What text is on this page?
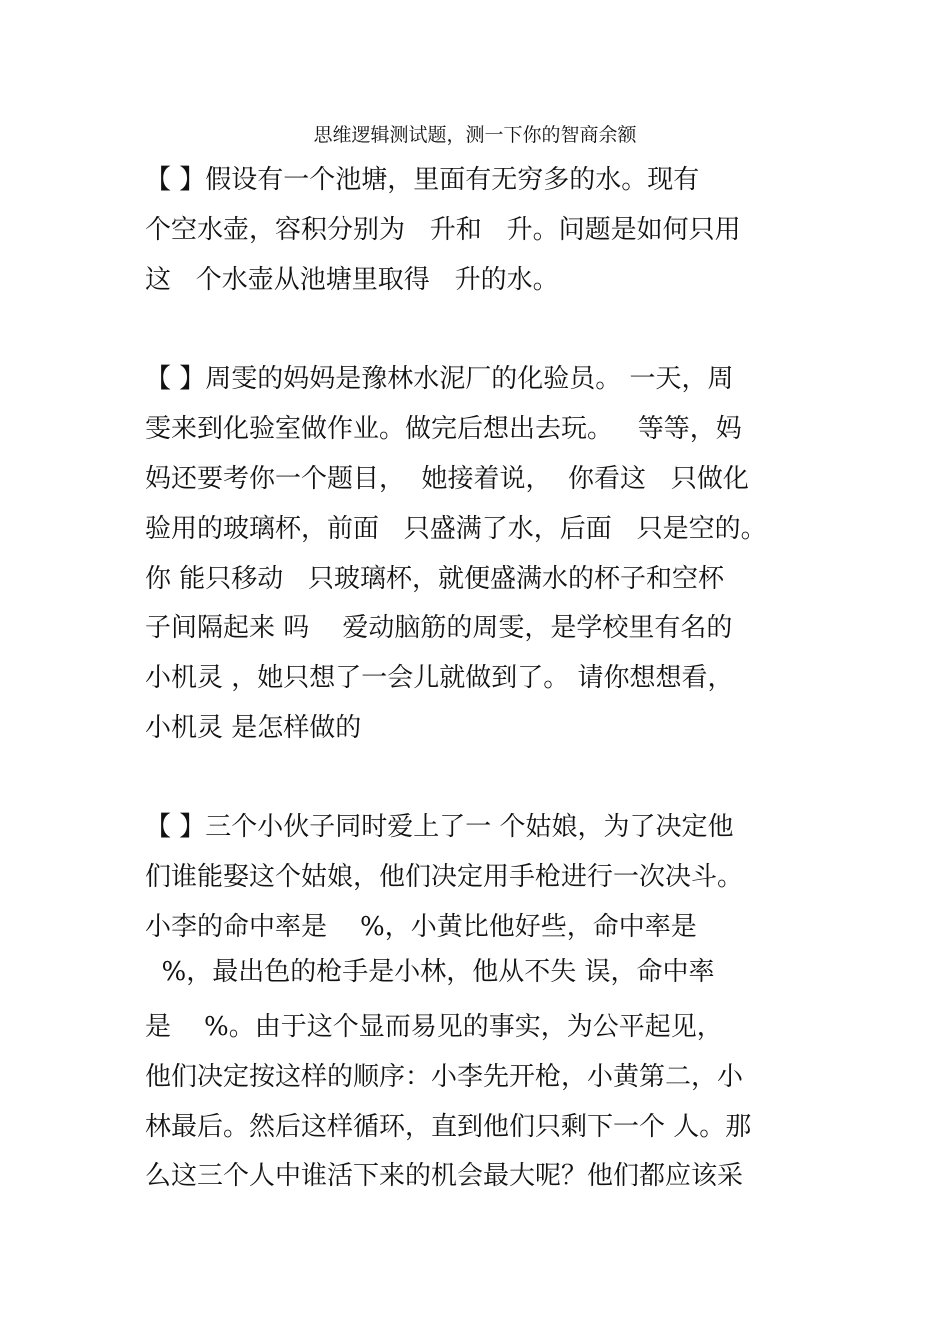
思维逻辑测试题，测一下你的智商余额
【 】假设有一个池塘，里面有无穷多的水。现有
个空水壶，容积分别为   升和   升。问题是如何只用
这   个水壶从池塘里取得   升的水。
【 】周雯的妈妈是豫林水泥厂的化验员。 一天，周
雯来到化验室做作业。做完后想出去玩。   等等，妈
妈还要考你一个题目，  她接着说，  你看这   只做化
验用的玻璃杯，前面   只盛满了水，后面   只是空的。
你 能只移动   只玻璃杯，就便盛满水的杯子和空杯
子间隔起来 吗    爱动脑筋的周雯，是学校里有名的
小机灵 ，她只想了一会儿就做到了。 请你想想看，
小机灵 是怎样做的
【 】三个小伙子同时爱上了一 个姑娘，为了决定他
们谁能娶这个姑娘，他们决定用手枪进行一次决斗。
小李的命中率是    %，小黄比他好些，命中率是
%，最出色的枪手是小林，他从不失 误，命中率
是    %。由于这个显而易见的事实，为公平起见，
他们决定按这样的顺序：小李先开枪，小黄第二，小
林最后。然后这样循环，直到他们只剩下一个 人。那
么这三个人中谁活下来的机会最大呢？他们都应该采
